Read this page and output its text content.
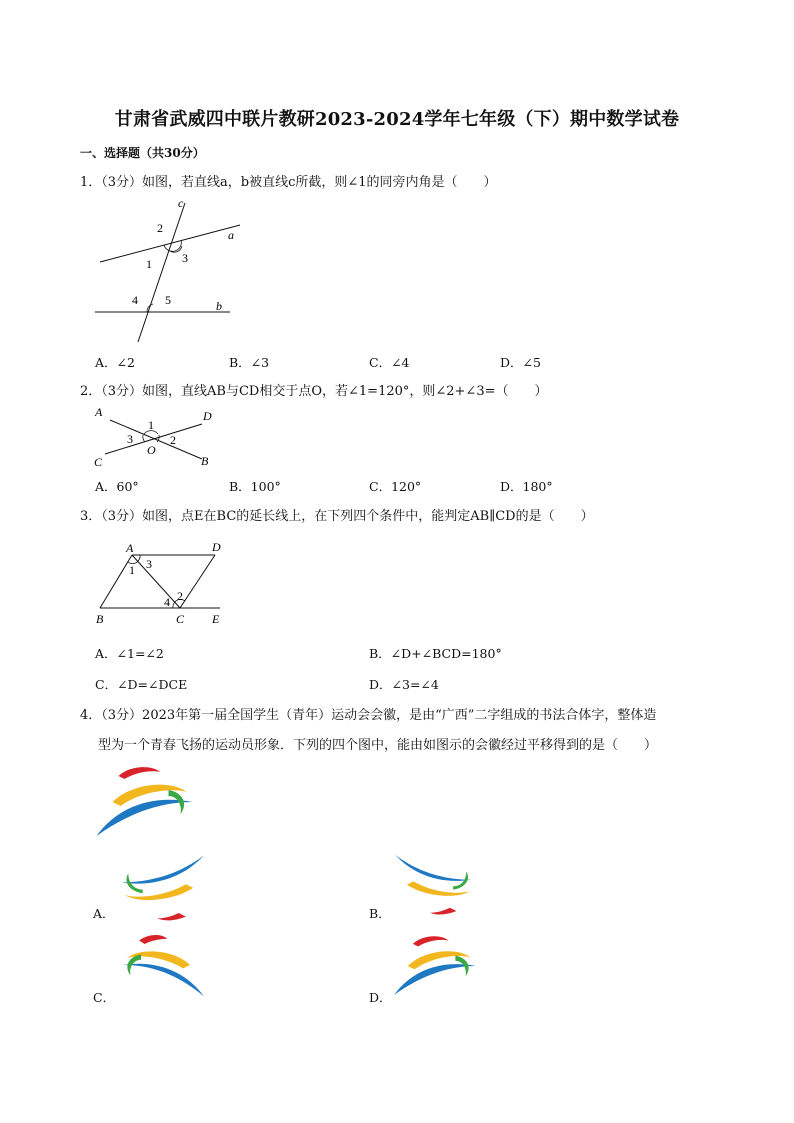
甘肃省武威四中联片教研2023-2024学年七年级（下）期中数学试卷
一、选择题（共30分）
1．（3分）如图，若直线a，b被直线c所截，则∠1的同旁内角是（　　）
c
a
b
2
1	3
4 5
A．∠2	B．∠3	C．∠4	D．∠5
2．（3分）如图，直线AB与CD相交于点O，若∠1=120°，则∠2+∠3=（　　）
A	D
C	B
O
1
2
3
A．60°	B．100°	C．120°	D．180°
3．（3分）如图，点E在BC的延长线上，在下列四个条件中，能判定AB∥CD的是（　　）
A	D
B	C E
1 3
4 2
A．∠1=∠2	B．∠D+∠BCD=180°
C．∠D=∠DCE	D．∠3=∠4
4．（3分）2023年第一届全国学生（青年）运动会会徽，是由“广西”二字组成的书法合体字，整体造
型为一个青春飞扬的运动员形象．下列的四个图中，能由如图示的会徽经过平移得到的是（　　）
A．	B．
C．	D．
